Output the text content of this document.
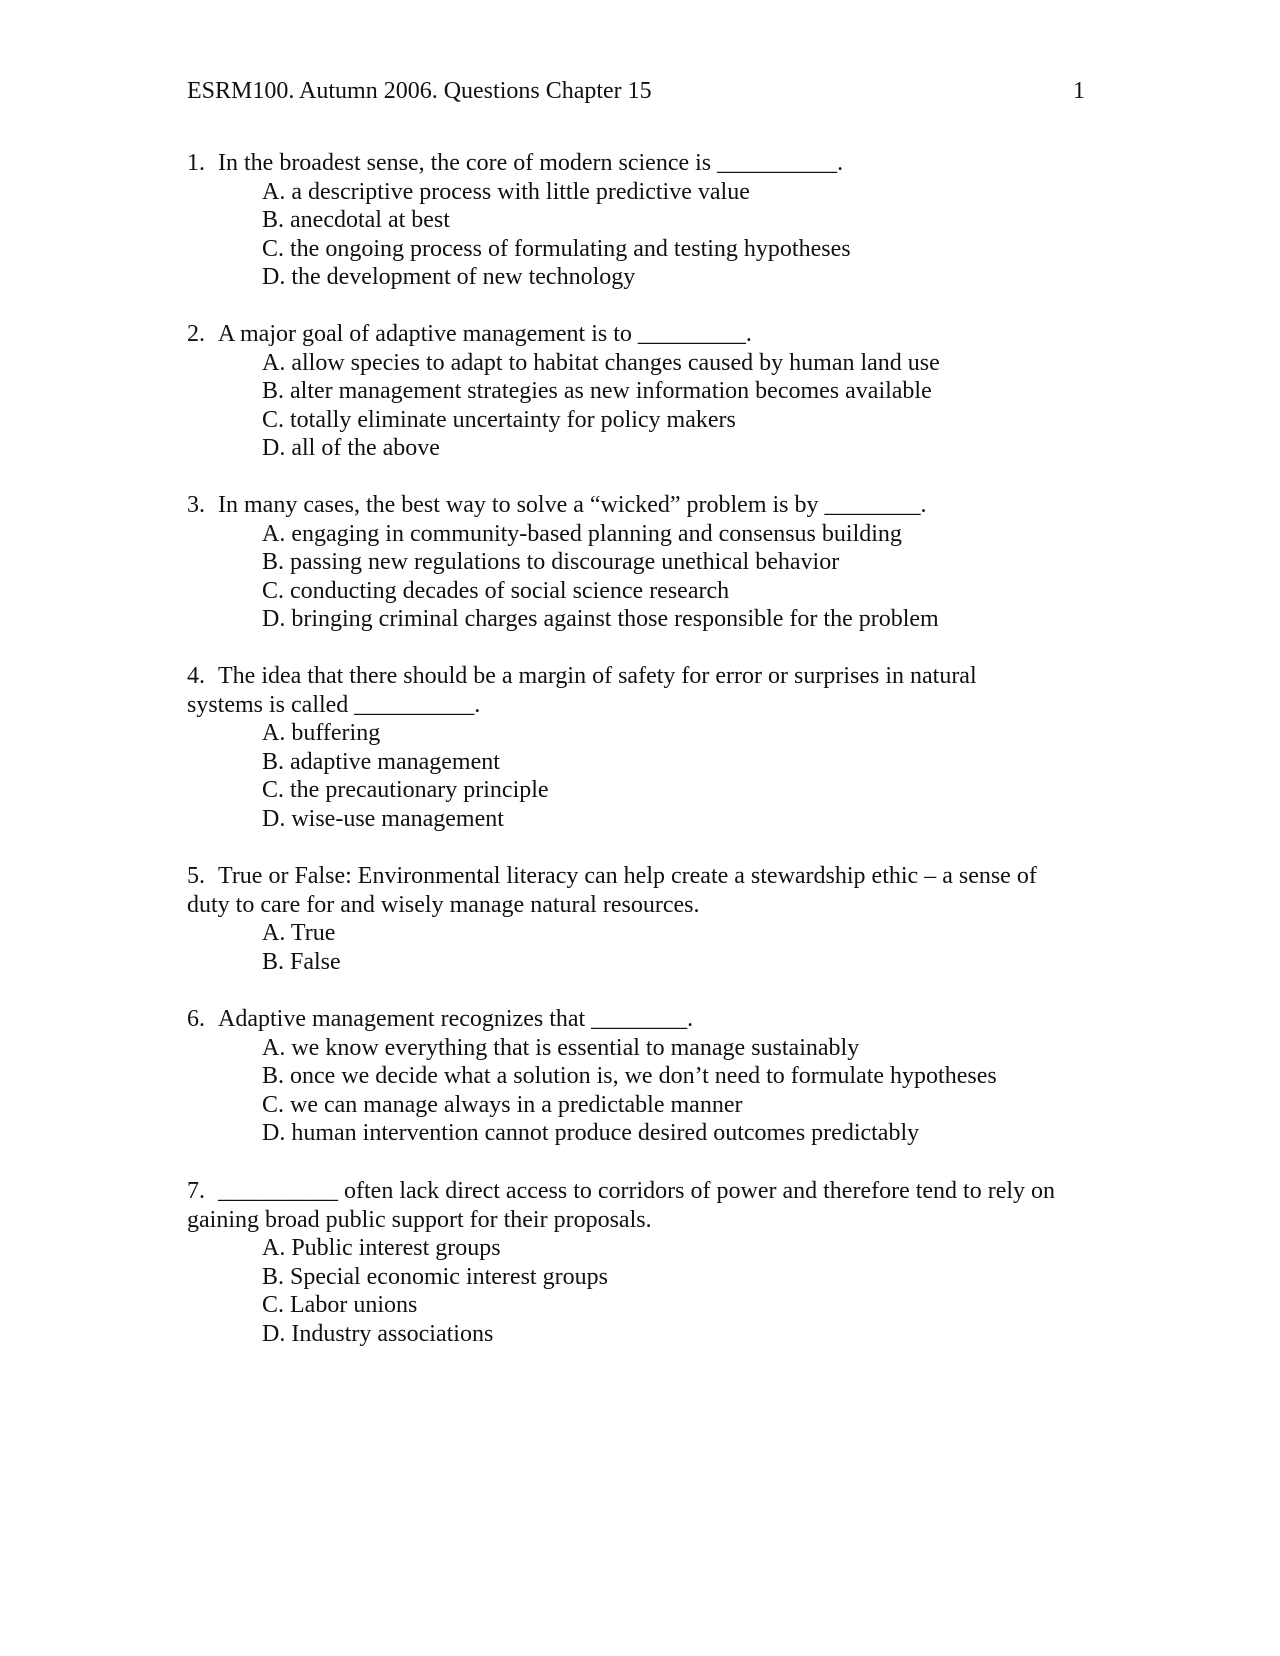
ESRM100. Autumn 2006. Questions Chapter 15	1
1. In the broadest sense, the core of modern science is __________.
A. a descriptive process with little predictive value
B. anecdotal at best
C. the ongoing process of formulating and testing hypotheses
D. the development of new technology
2. A major goal of adaptive management is to _________.
A. allow species to adapt to habitat changes caused by human land use
B. alter management strategies as new information becomes available
C. totally eliminate uncertainty for policy makers
D. all of the above
3. In many cases, the best way to solve a “wicked” problem is by ________.
A. engaging in community-based planning and consensus building
B. passing new regulations to discourage unethical behavior
C. conducting decades of social science research
D. bringing criminal charges against those responsible for the problem
4. The idea that there should be a margin of safety for error or surprises in natural
systems is called __________.
A. buffering
B. adaptive management
C. the precautionary principle
D. wise-use management
5. True or False: Environmental literacy can help create a stewardship ethic – a sense of
duty to care for and wisely manage natural resources.
A. True
B. False
6. Adaptive management recognizes that ________.
A. we know everything that is essential to manage sustainably
B. once we decide what a solution is, we don’t need to formulate hypotheses
C. we can manage always in a predictable manner
D. human intervention cannot produce desired outcomes predictably
7. __________ often lack direct access to corridors of power and therefore tend to rely on
gaining broad public support for their proposals.
A. Public interest groups
B. Special economic interest groups
C. Labor unions
D. Industry associations
